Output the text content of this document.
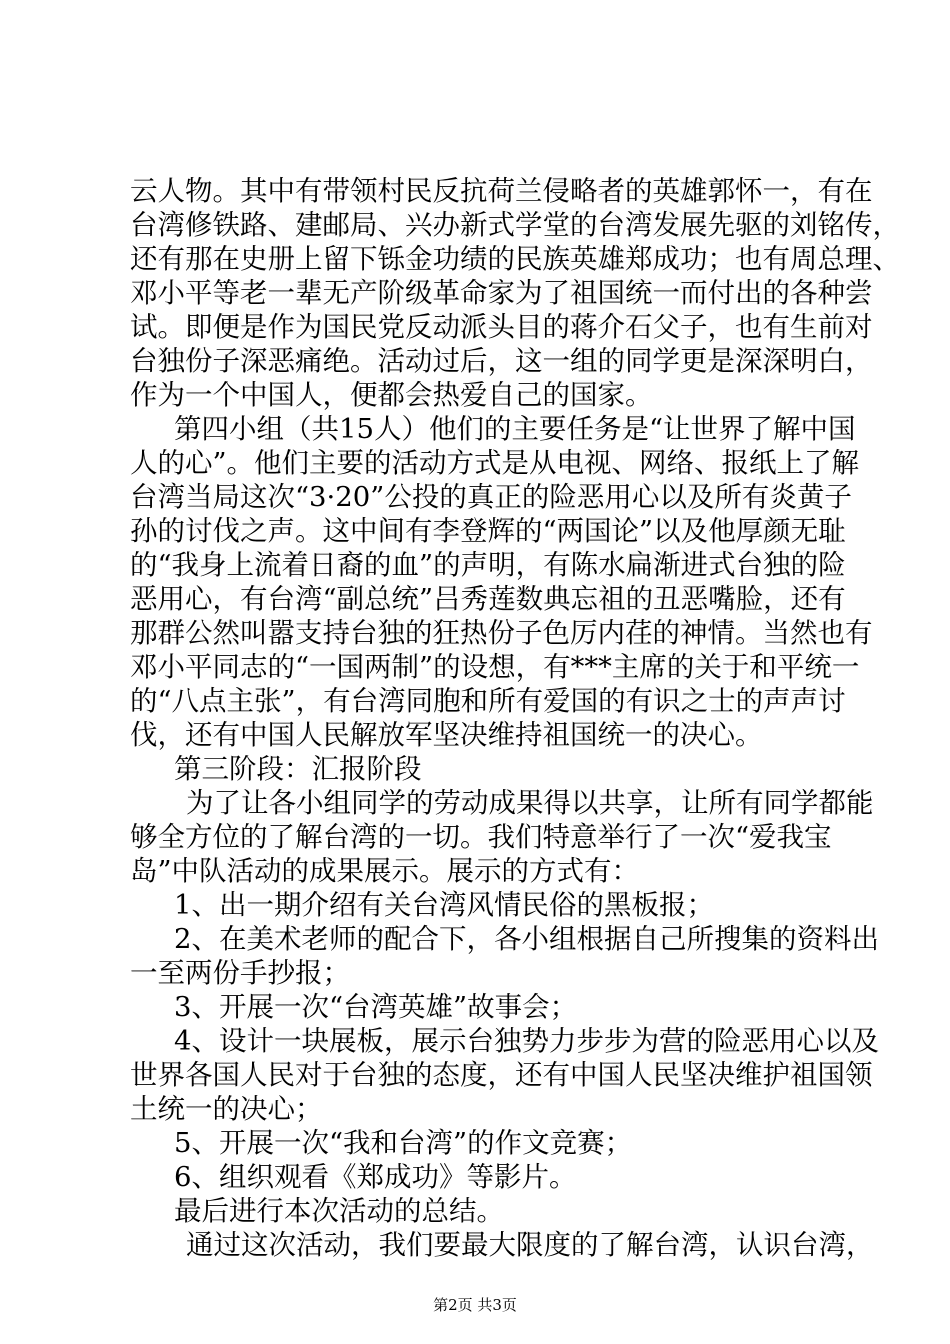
云人物。其中有带领村民反抗荷兰侵略者的英雄郭怀一，有在
台湾修铁路、建邮局、兴办新式学堂的台湾发展先驱的刘铭传，
还有那在史册上留下铄金功绩的民族英雄郑成功；也有周总理、
邓小平等老一辈无产阶级革命家为了祖国统一而付出的各种尝
试。即便是作为国民党反动派头目的蒋介石父子，也有生前对
台独份子深恶痛绝。活动过后，这一组的同学更是深深明白，
作为一个中国人，便都会热爱自己的国家。
第四小组（共15人）他们的主要任务是“让世界了解中国
人的心”。他们主要的活动方式是从电视、网络、报纸上了解
台湾当局这次“3·20”公投的真正的险恶用心以及所有炎黄子
孙的讨伐之声。这中间有李登辉的“两国论”以及他厚颜无耻
的“我身上流着日裔的血”的声明，有陈水扁渐进式台独的险
恶用心，有台湾“副总统”吕秀莲数典忘祖的丑恶嘴脸，还有
那群公然叫嚣支持台独的狂热份子色厉内荏的神情。当然也有
邓小平同志的“一国两制”的设想，有***主席的关于和平统一
的“八点主张”，有台湾同胞和所有爱国的有识之士的声声讨
伐，还有中国人民解放军坚决维持祖国统一的决心。
第三阶段：汇报阶段
为了让各小组同学的劳动成果得以共享，让所有同学都能
够全方位的了解台湾的一切。我们特意举行了一次“爱我宝
岛”中队活动的成果展示。展示的方式有：
1、出一期介绍有关台湾风情民俗的黑板报；
2、在美术老师的配合下，各小组根据自己所搜集的资料出
一至两份手抄报；
3、开展一次“台湾英雄”故事会；
4、设计一块展板，展示台独势力步步为营的险恶用心以及
世界各国人民对于台独的态度，还有中国人民坚决维护祖国领
土统一的决心；
5、开展一次“我和台湾”的作文竞赛；
6、组织观看《郑成功》等影片。
最后进行本次活动的总结。
通过这次活动，我们要最大限度的了解台湾，认识台湾，
第2页 共3页
